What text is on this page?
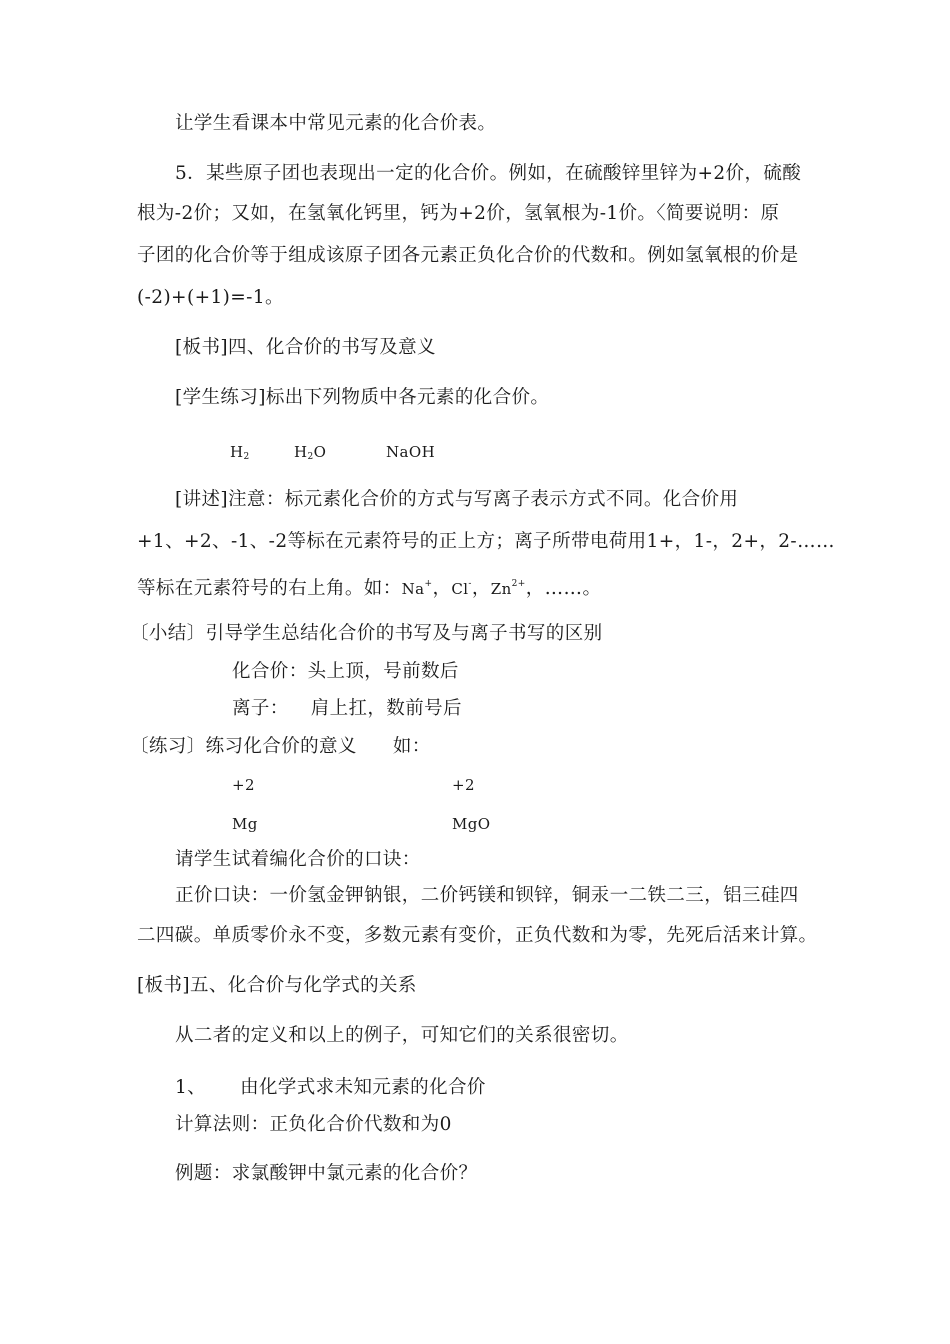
让学生看课本中常见元素的化合价表。
5．某些原子团也表现出一定的化合价。例如，在硫酸锌里锌为+2价，硫酸
根为-2价；又如，在氢氧化钙里，钙为+2价，氢氧根为-1价。〈简要说明：原
子团的化合价等于组成该原子团各元素正负化合价的代数和。例如氢氧根的价是
(-2)+(+1)=-1。
[板书]四、化合价的书写及意义
[学生练习]标出下列物质中各元素的化合价。
$H_2$	$H_2O$	NaOH
[讲述]注意：标元素化合价的方式与写离子表示方式不同。化合价用
+1、+2、-1、-2等标在元素符号的正上方；离子所带电荷用1+，1-，2+，2-……
等标在元素符号的右上角。如：Na+，Cl-，$Zn^{2+}$，……。
〔小结〕引导学生总结化合价的书写及与离子书写的区别
化合价：头上顶，号前数后
离子： 肩上扛，数前号后
〔练习〕练习化合价的意义 如：
+2	+2
Mg	MgO
请学生试着编化合价的口诀：
正价口诀：一价氢金钾钠银，二价钙镁和钡锌，铜汞一二铁二三，铝三硅四
二四碳。单质零价永不变，多数元素有变价，正负代数和为零，先死后活来计算。
[板书]五、化合价与化学式的关系
从二者的定义和以上的例子，可知它们的关系很密切。
1、 由化学式求未知元素的化合价
计算法则：正负化合价代数和为0
例题：求氯酸钾中氯元素的化合价？
